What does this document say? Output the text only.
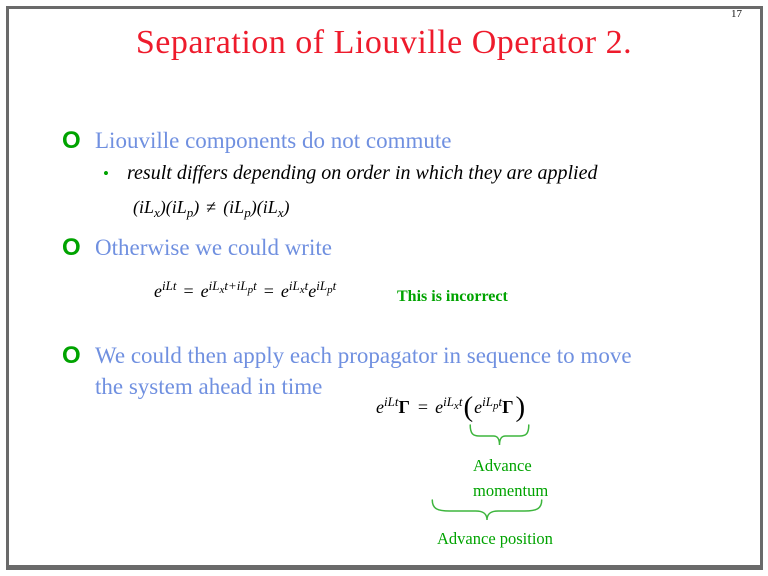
17
Separation of Liouville Operator 2.
O Liouville components do not commute
• result differs depending on order in which they are applied
$(iL_x)(iL_p) \ne (iL_p)(iL_x)$
O Otherwise we could write
$e^{iLt} = e^{iL_xt+iL_pt} = e^{iL_xt}e^{iL_pt}$
This is incorrect
O We could then apply each propagator in sequence to move
the system ahead in time
$e^{iLt}\Gamma = e^{iL_xt}(e^{iL_pt}\Gamma)$
Advance
momentum
Advance position
